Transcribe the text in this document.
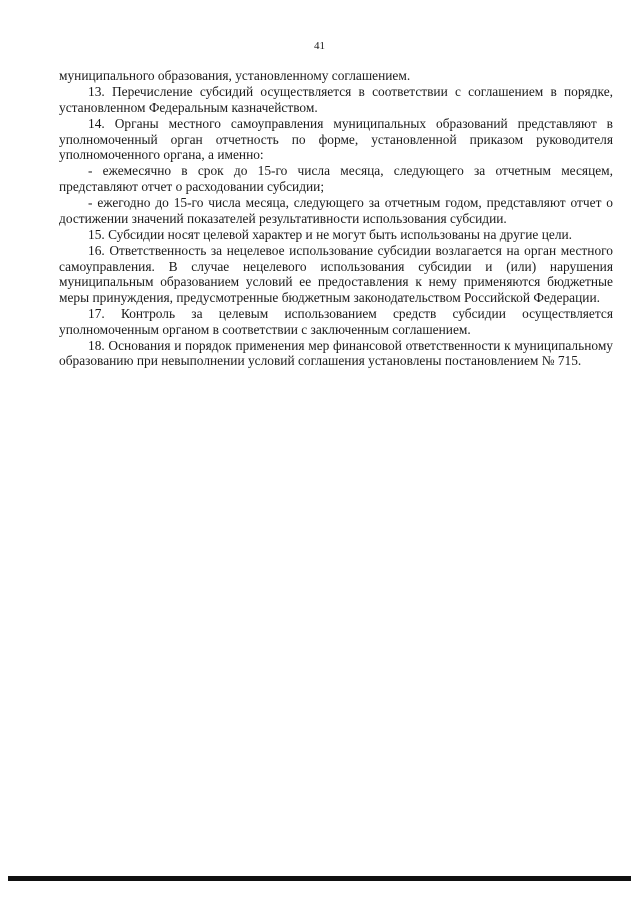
41

муниципального образования, установленному соглашением.

13. Перечисление субсидий осуществляется в соответствии с соглашением в порядке, установленном Федеральным казначейством.

14. Органы местного самоуправления муниципальных образований представляют в уполномоченный орган отчетность по форме, установленной приказом руководителя уполномоченного органа, а именно:

- ежемесячно в срок до 15-го числа месяца, следующего за отчетным месяцем, представляют отчет о расходовании субсидии;

- ежегодно до 15-го числа месяца, следующего за отчетным годом, представляют отчет о достижении значений показателей результативности использования субсидии.

15. Субсидии носят целевой характер и не могут быть использованы на другие цели.

16. Ответственность за нецелевое использование субсидии возлагается на орган местного самоуправления. В случае нецелевого использования субсидии и (или) нарушения муниципальным образованием условий ее предоставления к нему применяются бюджетные меры принуждения, предусмотренные бюджетным законодательством Российской Федерации.

17. Контроль за целевым использованием средств субсидии осуществляется уполномоченным органом в соответствии с заключенным соглашением.

18. Основания и порядок применения мер финансовой ответственности к муниципальному образованию при невыполнении условий соглашения установлены постановлением № 715.
